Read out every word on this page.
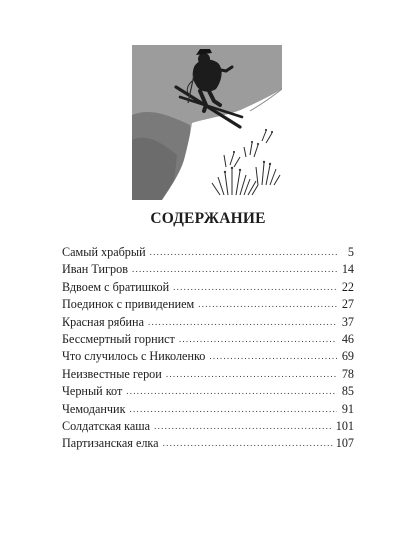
СОДЕРЖАНИЕ
Самый храбрый . . .	5
Иван Тигров . . .	14
Вдвоем с братишкой . . .	22
Поединок с привидением . . .	27
Красная рябина . . .	37
Бессмертный горнист . . .	46
Что случилось с Николенко . . .	69
Неизвестные герои . . .	78
Черный кот . . .	85
Чемоданчик . . .	91
Солдатская каша . . .	101
Партизанская елка . . .	107
